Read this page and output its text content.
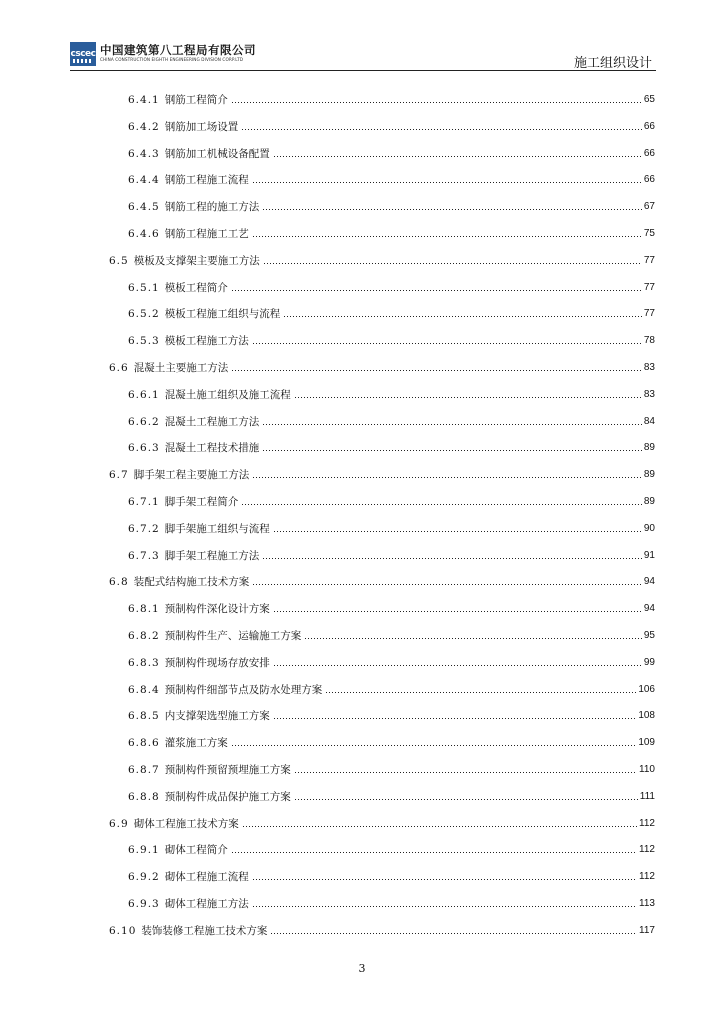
cscec 中国建筑第八工程局有限公司
CHINA CONSTRUCTION EIGHTH ENGINEERING DIVISION CORP.LTD	施工组织设计
6.4.1 钢筋工程简介	65
6.4.2 钢筋加工场设置	66
6.4.3 钢筋加工机械设备配置	66
6.4.4 钢筋工程施工流程	66
6.4.5 钢筋工程的施工方法	67
6.4.6 钢筋工程施工工艺	75
6.5 模板及支撑架主要施工方法	77
6.5.1 模板工程简介	77
6.5.2 模板工程施工组织与流程	77
6.5.3 模板工程施工方法	78
6.6 混凝土主要施工方法	83
6.6.1 混凝土施工组织及施工流程	83
6.6.2 混凝土工程施工方法	84
6.6.3 混凝土工程技术措施	89
6.7 脚手架工程主要施工方法	89
6.7.1 脚手架工程简介	89
6.7.2 脚手架施工组织与流程	90
6.7.3 脚手架工程施工方法	91
6.8 装配式结构施工技术方案	94
6.8.1 预制构件深化设计方案	94
6.8.2 预制构件生产、运输施工方案	95
6.8.3 预制构件现场存放安排	99
6.8.4 预制构件细部节点及防水处理方案	106
6.8.5 内支撑架选型施工方案	108
6.8.6 灌浆施工方案	109
6.8.7 预制构件预留预埋施工方案	110
6.8.8 预制构件成品保护施工方案	111
6.9 砌体工程施工技术方案	112
6.9.1 砌体工程简介	112
6.9.2 砌体工程施工流程	112
6.9.3 砌体工程施工方法	113
6.10 装饰装修工程施工技术方案	117
3
